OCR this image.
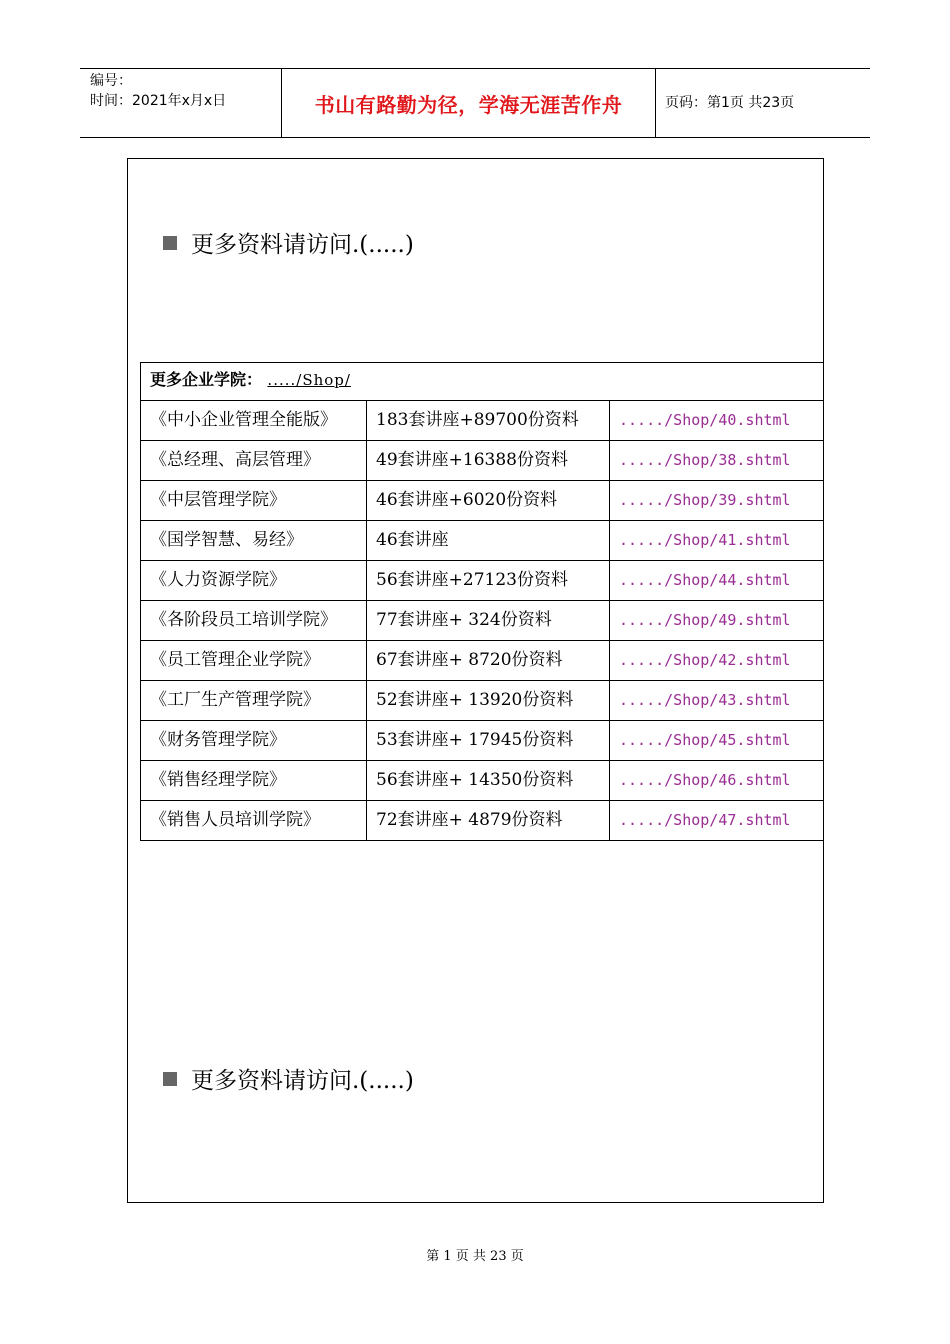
编号：
时间：2021年x月x日	书山有路勤为径，学海无涯苦作舟	页码：第1页 共23页
更多资料请访问.(.....)
更多企业学院： ...../Shop/		
《中小企业管理全能版》	183套讲座+89700份资料	...../Shop/40.shtml
《总经理、高层管理》	49套讲座+16388份资料	...../Shop/38.shtml
《中层管理学院》	46套讲座+6020份资料	...../Shop/39.shtml
《国学智慧、易经》	46套讲座	...../Shop/41.shtml
《人力资源学院》	56套讲座+27123份资料	...../Shop/44.shtml
《各阶段员工培训学院》	77套讲座+ 324份资料	...../Shop/49.shtml
《员工管理企业学院》	67套讲座+ 8720份资料	...../Shop/42.shtml
《工厂生产管理学院》	52套讲座+ 13920份资料	...../Shop/43.shtml
《财务管理学院》	53套讲座+ 17945份资料	...../Shop/45.shtml
《销售经理学院》	56套讲座+ 14350份资料	...../Shop/46.shtml
《销售人员培训学院》	72套讲座+ 4879份资料	...../Shop/47.shtml
更多资料请访问.(.....)
第 1 页 共 23 页
